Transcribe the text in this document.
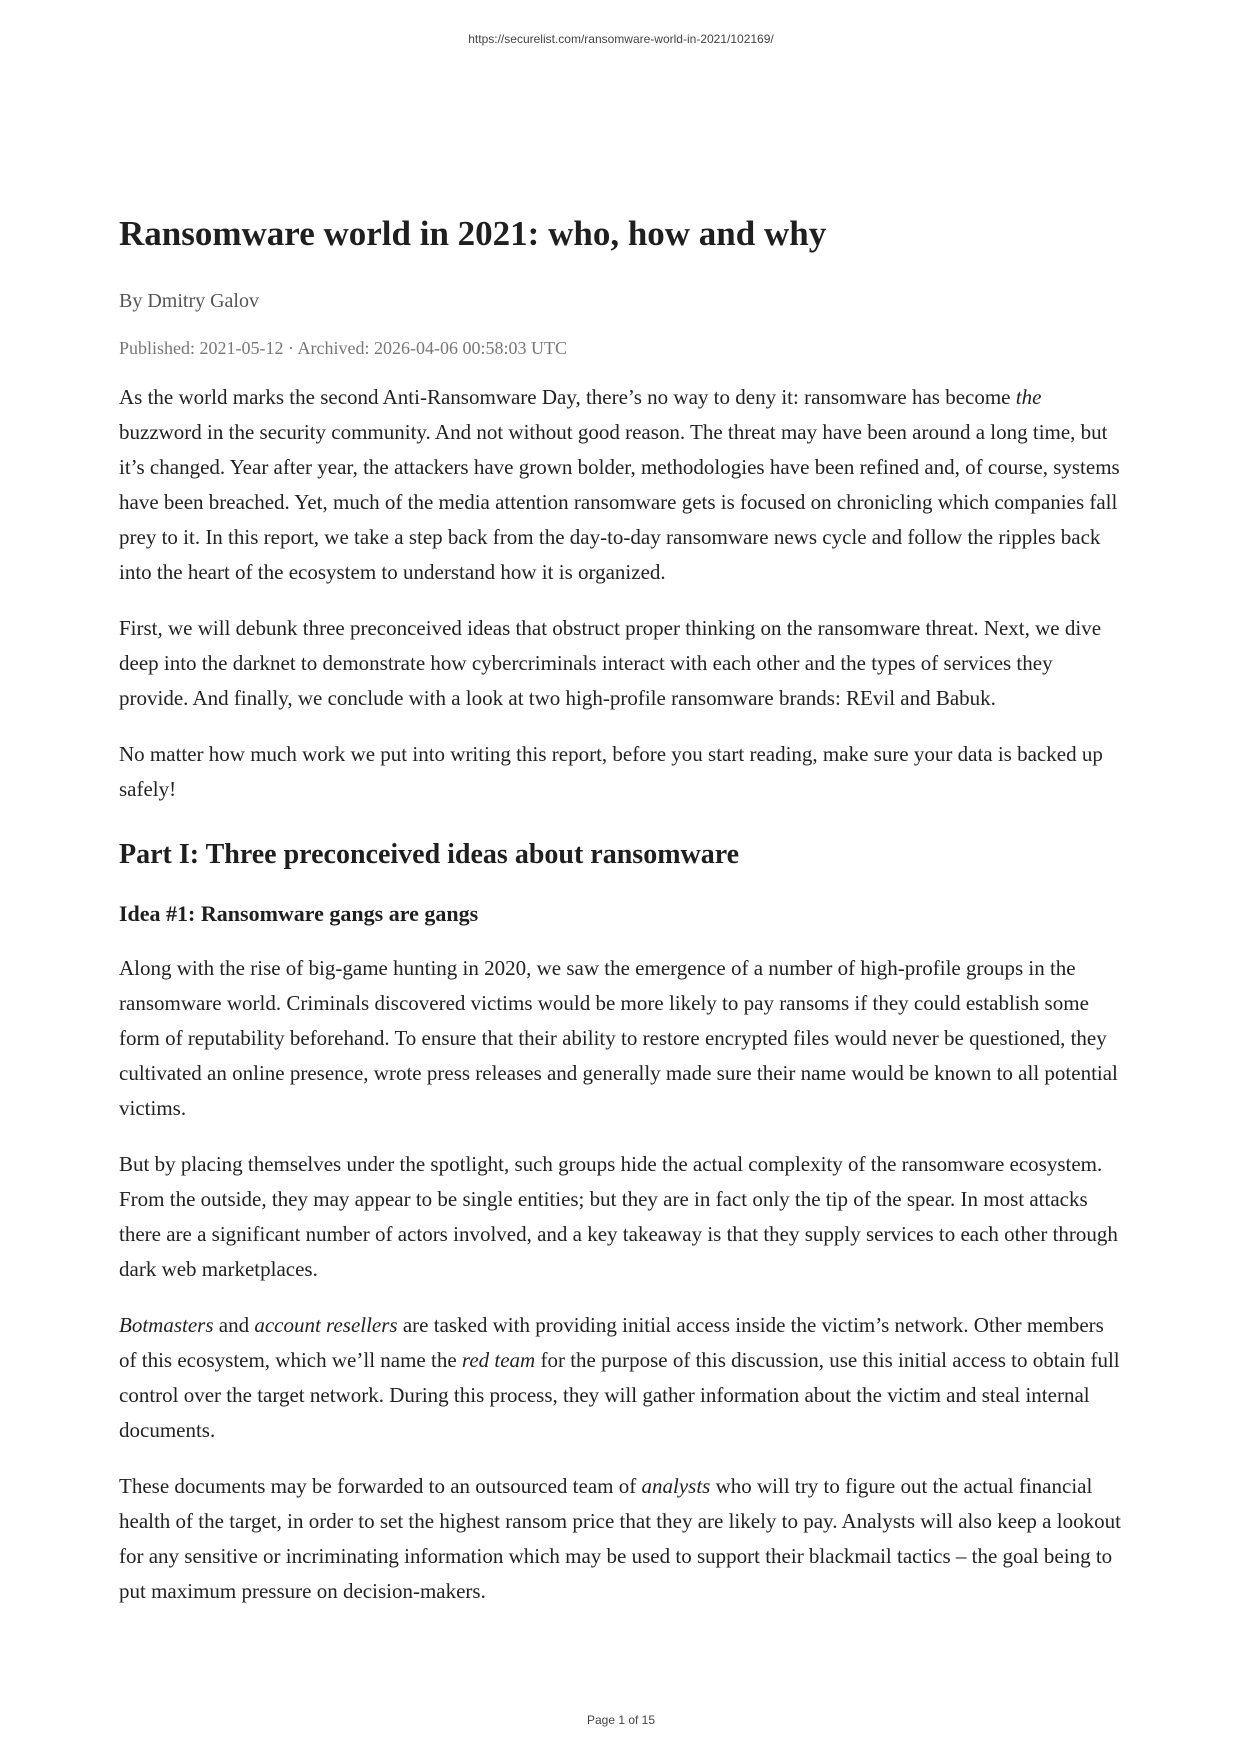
https://securelist.com/ransomware-world-in-2021/102169/
Ransomware world in 2021: who, how and why
By Dmitry Galov
Published: 2021-05-12 · Archived: 2026-04-06 00:58:03 UTC

As the world marks the second Anti-Ransomware Day, there’s no way to deny it: ransomware has become the buzzword in the security community. And not without good reason. The threat may have been around a long time, but it’s changed. Year after year, the attackers have grown bolder, methodologies have been refined and, of course, systems have been breached. Yet, much of the media attention ransomware gets is focused on chronicling which companies fall prey to it. In this report, we take a step back from the day-to-day ransomware news cycle and follow the ripples back into the heart of the ecosystem to understand how it is organized.

First, we will debunk three preconceived ideas that obstruct proper thinking on the ransomware threat. Next, we dive deep into the darknet to demonstrate how cybercriminals interact with each other and the types of services they provide. And finally, we conclude with a look at two high-profile ransomware brands: REvil and Babuk.

No matter how much work we put into writing this report, before you start reading, make sure your data is backed up safely!

Part I: Three preconceived ideas about ransomware
Idea #1: Ransomware gangs are gangs

Along with the rise of big-game hunting in 2020, we saw the emergence of a number of high-profile groups in the ransomware world. Criminals discovered victims would be more likely to pay ransoms if they could establish some form of reputability beforehand. To ensure that their ability to restore encrypted files would never be questioned, they cultivated an online presence, wrote press releases and generally made sure their name would be known to all potential victims.

But by placing themselves under the spotlight, such groups hide the actual complexity of the ransomware ecosystem. From the outside, they may appear to be single entities; but they are in fact only the tip of the spear. In most attacks there are a significant number of actors involved, and a key takeaway is that they supply services to each other through dark web marketplaces.

Botmasters and account resellers are tasked with providing initial access inside the victim’s network. Other members of this ecosystem, which we’ll name the red team for the purpose of this discussion, use this initial access to obtain full control over the target network. During this process, they will gather information about the victim and steal internal documents.

These documents may be forwarded to an outsourced team of analysts who will try to figure out the actual financial health of the target, in order to set the highest ransom price that they are likely to pay. Analysts will also keep a lookout for any sensitive or incriminating information which may be used to support their blackmail tactics – the goal being to put maximum pressure on decision-makers.

Page 1 of 15
